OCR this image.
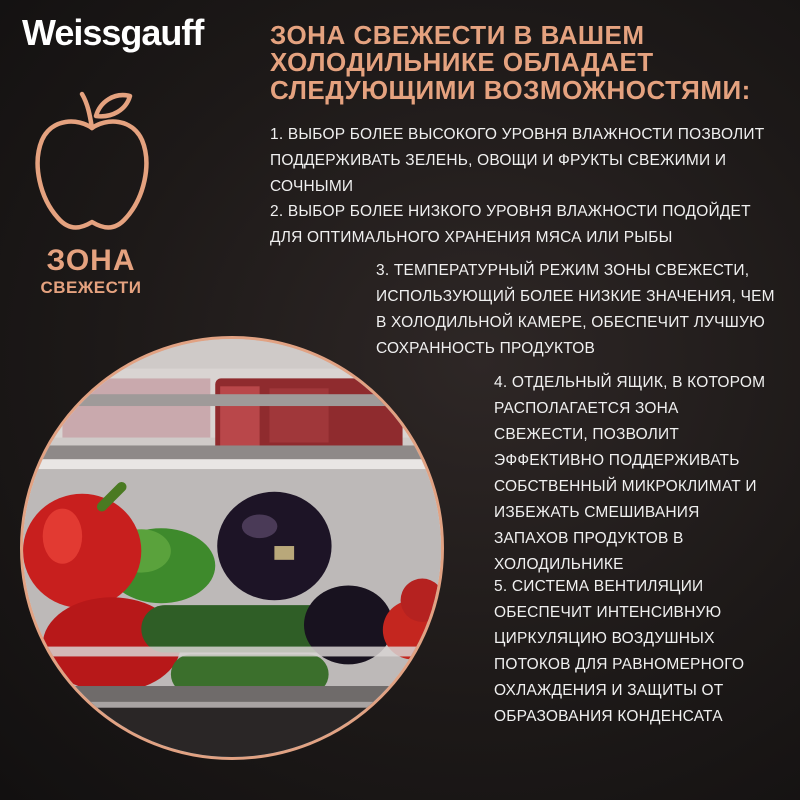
Weissgauff
ЗОНА
СВЕЖЕСТИ
ЗОНА СВЕЖЕСТИ В ВАШЕМ ХОЛОДИЛЬНИКЕ ОБЛАДАЕТ СЛЕДУЮЩИМИ ВОЗМОЖНОСТЯМИ:
1. ВЫБОР БОЛЕЕ ВЫСОКОГО УРОВНЯ ВЛАЖНОСТИ ПОЗВОЛИТ ПОДДЕРЖИВАТЬ ЗЕЛЕНЬ, ОВОЩИ И ФРУКТЫ СВЕЖИМИ И СОЧНЫМИ
2. ВЫБОР БОЛЕЕ НИЗКОГО УРОВНЯ ВЛАЖНОСТИ ПОДОЙДЕТ ДЛЯ ОПТИМАЛЬНОГО ХРАНЕНИЯ МЯСА ИЛИ РЫБЫ
3. ТЕМПЕРАТУРНЫЙ РЕЖИМ ЗОНЫ СВЕЖЕСТИ, ИСПОЛЬЗУЮЩИЙ БОЛЕЕ НИЗКИЕ ЗНАЧЕНИЯ, ЧЕМ В ХОЛОДИЛЬНОЙ КАМЕРЕ, ОБЕСПЕЧИТ ЛУЧШУЮ СОХРАННОСТЬ ПРОДУКТОВ
4. ОТДЕЛЬНЫЙ ЯЩИК, В КОТОРОМ РАСПОЛАГАЕТСЯ ЗОНА СВЕЖЕСТИ, ПОЗВОЛИТ ЭФФЕКТИВНО ПОДДЕРЖИВАТЬ СОБСТВЕННЫЙ МИКРОКЛИМАТ И ИЗБЕЖАТЬ СМЕШИВАНИЯ ЗАПАХОВ ПРОДУКТОВ В ХОЛОДИЛЬНИКЕ
5. СИСТЕМА ВЕНТИЛЯЦИИ ОБЕСПЕЧИТ ИНТЕНСИВНУЮ ЦИРКУЛЯЦИЮ ВОЗДУШНЫХ ПОТОКОВ ДЛЯ РАВНОМЕРНОГО ОХЛАЖДЕНИЯ И ЗАЩИТЫ ОТ ОБРАЗОВАНИЯ КОНДЕНСАТА
